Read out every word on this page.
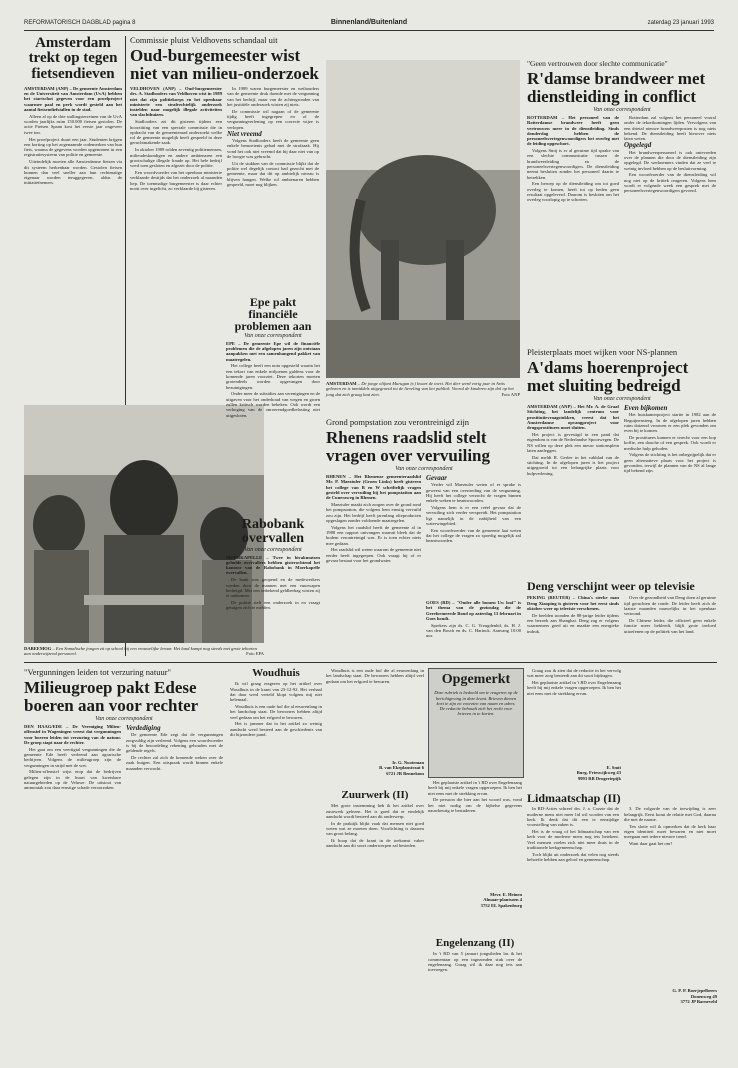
REFORMATORISCH DAGBLAD pagina 8	Binnenland/Buitenland	zaterdag 23 januari 1993
Amsterdam trekt op tegen fietsendieven

AMSTERDAM (ANP) – De gemeente Amsterdam en de Universiteit van Amsterdam (UvA) hebben het startschot gegeven voor een proefproject waarmee paal en perk wordt gesteld aan het aantal fietsendiefstallen in de stad.

Alleen al op de drie stallingsterreinen van de UvA worden jaarlijks ruim 150.000 fietsen gestolen. De actie Fietsen Spaan kost het eerste jaar ongeveer twee ton.

Het proefproject duurt een jaar. Studenten krijgen een korting op het zogenaamde codemerken van hun fiets, waarna de gegevens worden opgenomen in een registratiesysteem van politie en gemeente.

Uiteindelijk moeten alle Amsterdamse fietsen via dit systeem herkenbaar worden. Gestolen fietsen kunnen dan veel sneller aan hun rechtmatige eigenaar worden teruggegeven, aldus de initiatiefnemers.

DABEEMOG – Een Somalische jongen zit op school bij een vrouwelijke leraar. Het land kampt nog steeds met grote tekorten aan onderwijzend personeel.	Foto EPA
Commissie pluist Veldhovens schandaal uit
Oud-burgemeester wist niet van milieu-onderzoek

VELDHOVEN (ANP) – Oud-burgemeester drs. A. Stadlooders van Veldhoven wist in 1989 niet dat zijn politiekorps en het openbaar ministerie een strafrechtelijk onderzoek instelden naar mogelijk illegale activiteiten van slachthuizen.

Stadlooders zei dit gisteren tijdens een hoorzitting van een speciale commissie die in opdracht van de gemeenteraad onderzoekt welke rol de gemeente mogelijk heeft gespeeld in deze geruchtmakende zaak.

In oktober 1989 rolden zeventig politiemensen, milieudeskundigen en andere ambtenaren een grootschalige illegale fraude op. Het hele bedrijf werd toen gesloten en afgezet door de politie.

Een woordvoerder van het openbaar ministerie verklaarde destijds dat het onderzoek al maanden liep. De toenmalige burgemeester is daar echter nooit over ingelicht, zo verklaarde hij gisteren.

In 1989 waren burgemeester en wethouders van de gemeente druk doende met de vergunning van het bedrijf, maar van de achtergronden van het justitiële onderzoek wisten zij niets.

De commissie wil nagaan of de gemeente tijdig heeft ingegrepen en of de vergunningverlening op een correcte wijze is verlopen.

Niet vreemd

Volgens Stadlooders heeft de gemeente geen enkele bemoeienis gehad met de strafzaak. Hij vond het ook niet vreemd dat hij daar niet van op de hoogte was gebracht.

Uit de stukken van de commissie blijkt dat de politie wel degelijk contact had gezocht met de gemeente, maar dat dit op ambtelijk niveau is blijven hangen. Welke rol ambtenaren hebben gespeeld, moet nog blijken.

Epe pakt financiële problemen aan
Van onze correspondent

EPE – De gemeente Epe wil de financiële problemen die de afgelopen jaren zijn ontstaan aanpakken met een samenhangend pakket van maatregelen.

Het college heeft een nota opgesteld waarin het een tekort van enkele miljoenen guldens voor de komende jaren voorziet. Deze tekorten moeten grotendeels worden opgevangen door bezuinigingen.

Onder meer de subsidies aan verenigingen en de uitgaven voor het onderhoud van wegen en groen zullen kritisch worden bekeken. Ook wordt een verhoging van de onroerendgoedbelasting niet uitgesloten.

Rabobank overvallen
Van onze correspondent

MOERKAPELLE – Twee in bivakmutsen gehulde overvallers hebben gisterochtend het kantoor van de Rabobank in Moerkapelle overvallen.

De bank was geopend en de medewerkers werden door de mannen met een vuurwapen bedreigd. Met een onbekend geldbedrag wisten zij te ontkomen.

De politie stelt een onderzoek in en vraagt getuigen zich te melden.

AMSTERDAM – De jonge olifant Murugan (r.) kwart de toert. Het dier werd vorig jaar in Artis geboren en is inmiddels uitgegroeid tot de lieveling van het publiek. Vooral de kinderen zijn dol op het jong dat zich graag laat zien.	Foto ANP
"Geen vertrouwen door slechte communicatie"
R'damse brandweer met dienstleiding in conflict
Van onze correspondent

ROTTERDAM – Het personeel van de Rotterdamse brandweer heeft geen vertrouwen meer in de dienstleiding. Sinds donderdag hebben de personeelsvertegenwoordigers het overleg met de leiding opgeschort.

Volgens Smij is er al geruime tijd sprake van een slechte communicatie tussen de brandweerleiding en de personeelsvertegenwoordigers. De dienstleiding neemt besluiten zonder het personeel daarin te betrekken.

Een beroep op de dienstleiding om tot goed overleg te komen, heeft tot op heden geen resultaat opgeleverd. Daarom is besloten om het overleg voorlopig op te schorten.

Rotterdam zal volgens het personeel vooral onder de tekortkomingen lijden. Vervolgens van een drietal nieuwe brandweerposten is nog niets bekend. De dienstleiding heeft hierover niets laten weten.

Opgelegd

Het brandweerpersoneel is ook ontevreden over de plannen die door de dienstleiding zijn opgelegd. De werknemers vinden dat ze veel te weinig invloed hebben op de besluitvorming.

Een woordvoerder van de dienstleiding wil nog niet op de kritiek reageren. Volgens hem wordt er volgende week een gesprek met de personeelsvertegenwoordigers gevoerd.

Pleisterplaats moet wijken voor NS-plannen
A'dams hoerenproject met sluiting bedreigd
Van onze correspondent

AMSTERDAM (ANP) – Het Mr. A. de Graaf Stichting, het landelijk centrum voor prostitutievraagstukken, vreest dat het Amsterdamse opvangproject voor drugsprostituees moet sluiten.

Het project is gevestigd in een pand dat eigendom is van de Nederlandse Spoorwegen. De NS willen op deze plek een nieuw stationsplein laten aanleggen.

Dat meldt R. Gerlee in het vakblad van de stichting. In de afgelopen jaren is het project uitgegroeid tot een belangrijke plaats voor hulpverlening.

Even bijkomen

Het huiskamerproject startte in 1982 aan de Beguijnensteeg. In de afgelopen jaren hebben ruim duizend vrouwen er een plek gevonden om even bij te komen.

De prostituees kunnen er terecht voor een kop koffie, een douche of een gesprek. Ook wordt er medische hulp geboden.

Volgens de stichting is het onbegrijpelijk dat er geen alternatieve plaats voor het project is gevonden, terwijl de plannen van de NS al lange tijd bekend zijn.

Grond pompstation zou verontreinigd zijn
Rhenens raadslid stelt vragen over vervuiling
Van onze correspondent

RHENEN – Het Rhenense gemeenteraadslid Mr. P. Maeztuler (Groen Links) heeft gisteren het college van B en W schriftelijk vragen gesteld over vervuiling bij het pompstation aan de Cuneraweg in Rhenen.

Maeztuler maakt zich zorgen over de grond rond het pompstation, die volgens hem ernstig vervuild zou zijn. Het bedrijf heeft jarenlang olieproducten opgeslagen zonder voldoende maatregelen.

Volgens het raadslid heeft de gemeente al in 1988 een rapport ontvangen waaruit bleek dat de bodem verontreinigd was. Er is toen echter niets mee gedaan.

Het raadslid wil weten waarom de gemeente niet eerder heeft ingegrepen. Ook vraagt hij of er gevaar bestaat voor het grondwater.

Gevaar

Verder wil Maeztuler weten of er sprake is geweest van een overtreding van de vergunning. Hij heeft het college verzocht de vragen binnen enkele weken te beantwoorden.

Volgens hem is er een reëel gevaar dat de vervuiling zich verder verspreidt. Het pompstation ligt namelijk in de nabijheid van een waterwingebied.

Een woordvoerder van de gemeente laat weten dat het college de vragen zo spoedig mogelijk zal beantwoorden.

GOES (RD) – "Onder alle bomen Uw loof" is het thema van de gezinsdag die de Gereformeerde Bond op zaterdag 13 februari in Goes houdt.

Sprekers zijn ds. C. G. Vreugdenhil, ds. H. J. van den Bosch en ds. C. Harinck. Aanvang 10.00 uur.

Deng verschijnt weer op televisie

PEKING (REUTER) – China's sterke man Deng Xiaoping is gisteren voor het eerst sinds oktober weer op televisie verschenen.

De beelden toonden de 88-jarige leider tijdens een bezoek aan Shanghai. Deng zag er volgens waarnemers goed uit en maakte een energieke indruk.

Over de gezondheid van Deng doen al geruime tijd geruchten de ronde. De leider heeft zich de laatste maanden nauwelijks in het openbaar vertoond.

De Chinese leider, die officieel geen enkele functie meer bekleedt, blijft grote invloed uitoefenen op de politiek van het land.

"Vergunningen leiden tot verzuring natuur"
Milieugroep pakt Edese boeren aan voor rechter
Van onze correspondent

DEN HAAG/EDE – De Vereniging Milieu-offensief in Wageningen vreest dat vergunningen voor boeren leiden tot verzuring van de natuur. De groep stapt naar de rechter.

Het gaat om een veertigtal vergunningen die de gemeente Ede heeft verleend aan agrarische bedrijven. Volgens de milieugroep zijn de vergunningen in strijd met de wet.

Milieu-offensief wijst erop dat de bedrijven gelegen zijn in de buurt van kwetsbare natuurgebieden op de Veluwe. De uitstoot van ammoniak zou daar ernstige schade veroorzaken.

Verdediging

De gemeente Ede zegt dat de vergunningen zorgvuldig zijn verleend. Volgens een woordvoerder is bij de beoordeling rekening gehouden met de geldende regels.

De rechter zal zich de komende weken over de zaak buigen. Een uitspraak wordt binnen enkele maanden verwacht.

Woudhuis

Ik wil graag reageren op het artikel over Woudhuis in de krant van 23-12-92. Het verhaal dat daar werd verteld klopt volgens mij niet helemaal.

Woudhuis is een oude hof die al eeuwenlang in het landschap staat. De bewoners hebben altijd veel gedaan om het erfgoed te bewaren.

Het is jammer dat in het artikel zo weinig aandacht werd besteed aan de geschiedenis van dit bijzondere pand.

Woudhuis is een oude hof die al eeuwenlang in het landschap staat. De bewoners hebben altijd veel gedaan om het erfgoed te bewaren.

Ir. G. Nooteman
B. van Ekeplanstraat 6
6721 JB Bennekom
Zuurwerk (II)

Met grote instemming heb ik het artikel over zuurwerk gelezen. Het is goed dat er eindelijk aandacht wordt besteed aan dit onderwerp.

In de praktijk blijkt vaak dat mensen niet goed weten wat ze moeten doen. Voorlichting is daarom van groot belang.

Ik hoop dat de krant in de toekomst vaker aandacht aan dit soort onderwerpen zal besteden.

Opgemerkt
Deze rubriek is bedoeld om te reageren op de berichtgeving in deze krant. Brieven dienen kort te zijn en voorzien van naam en adres. De redactie behoudt zich het recht voor brieven in te korten.

Het geplaatste artikel in 't RD over Engelenzang heeft bij mij enkele vragen opgeroepen. Ik ben het niet eens met de strekking ervan.

De persoon die hier aan het woord was, vond het niet nodig om de bijbelse gegevens nauwkeurig te bestuderen.

Mevr. E. Heinen
Almaar-plantsoen 4
3752 EL Spakenburg
Engelenzang (II)

In 't RD van 5 januari jongstleden las ik het commentaar op een ingezonden stuk over de engelenzang. Graag wil ik daar nog iets aan toevoegen.

Graag zou ik zien dat de redactie in het vervolg wat meer zorg besteedt aan dit soort bijdragen.

Het geplaatste artikel in 't RD over Engelenzang heeft bij mij enkele vragen opgeroepen. Ik ben het niet eens met de strekking ervan.

E. Smit
Burg. Frieswijkweg 43
9993 RB Drogeriepijk
Lidmaatschap (II)

In RD-Acties schreef drs. J. a. Cozzie dat de moderne mens niet meer lid wil worden van een kerk. Ik denk dat dit een te eenzijdige voorstelling van zaken is.

Het is de vraag of het lidmaatschap van een kerk voor de moderne mens nog iets betekent. Veel mensen voelen zich niet meer thuis in de traditionele kerkgemeenschap.

Toch blijkt uit onderzoek dat velen nog steeds behoefte hebben aan geloof en gemeenschap.

3. De volgorde van de toewijding is zeer belangrijk. Eerst komt de relatie met God, daarna die met de naaste.

Ten slotte wil ik opmerken dat de kerk haar eigen identiteit moet bewaren en niet moet meegaan met iedere nieuwe trend.

Want daar gaat het om?

G. P. P. Boerjepelbeers
Donenweg 49
3772 JP Barneveld
